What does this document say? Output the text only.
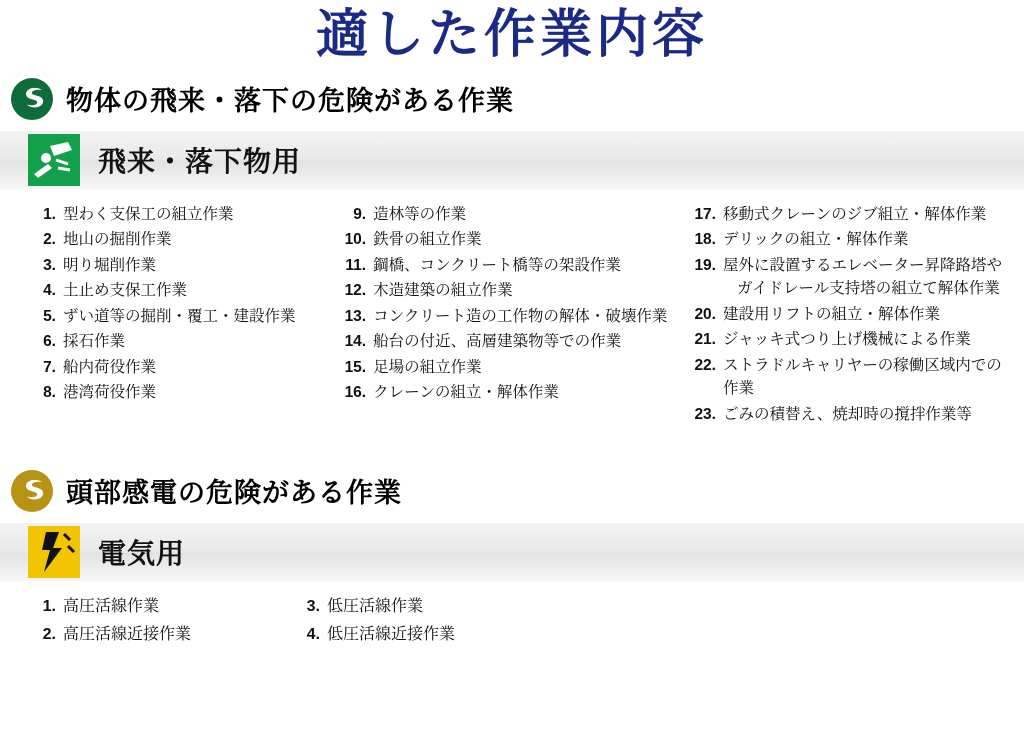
適した作業内容
物体の飛来・落下の危険がある作業
飛来・落下物用
1. 型わく支保工の組立作業
2. 地山の掘削作業
3. 明り堀削作業
4. 土止め支保工作業
5. ずい道等の掘削・覆工・建設作業
6. 採石作業
7. 船内荷役作業
8. 港湾荷役作業
9. 造林等の作業
10. 鉄骨の組立作業
11. 鋼橋、コンクリート橋等の架設作業
12. 木造建築の組立作業
13. コンクリート造の工作物の解体・破壊作業
14. 船台の付近、高層建築物等での作業
15. 足場の組立作業
16. クレーンの組立・解体作業
17. 移動式クレーンのジブ組立・解体作業
18. デリックの組立・解体作業
19. 屋外に設置するエレベーター昇降路塔や
ガイドレール支持塔の組立て解体作業
20. 建設用リフトの組立・解体作業
21. ジャッキ式つり上げ機械による作業
22. ストラドルキャリヤーの稼働区域内での作業
23. ごみの積替え、焼却時の撹拌作業等
頭部感電の危険がある作業
電気用
1. 高圧活線作業
2. 高圧活線近接作業
3. 低圧活線作業
4. 低圧活線近接作業
